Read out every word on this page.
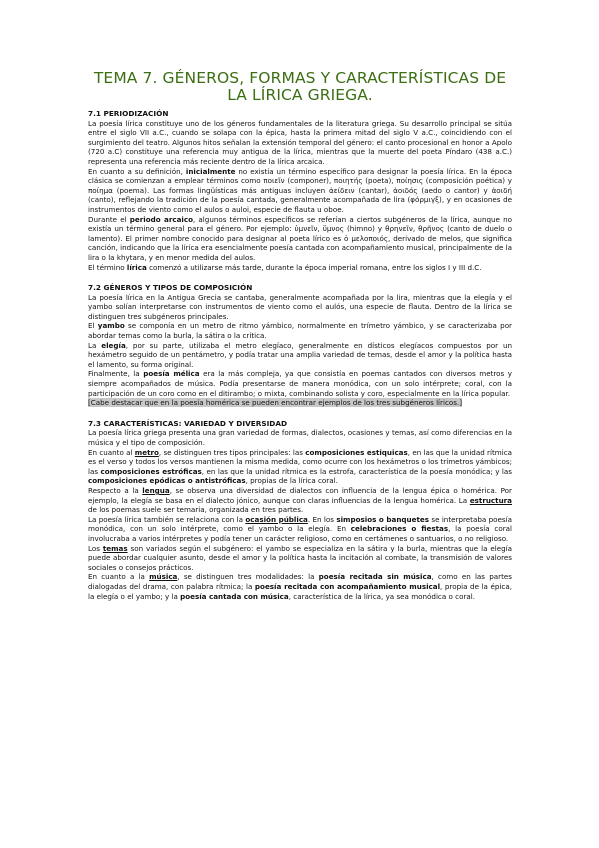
TEMA 7. GÉNEROS, FORMAS Y CARACTERÍSTICAS DE LA LÍRICA GRIEGA.
7.1 PERIODIZACIÓN

La poesía lírica constituye uno de los géneros fundamentales de la literatura griega. Su desarrollo principal se sitúa entre el siglo VII a.C., cuando se solapa con la épica, hasta la primera mitad del siglo V a.C., coincidiendo con el surgimiento del teatro. Algunos hitos señalan la extensión temporal del género: el canto procesional en honor a Apolo (720 a.C) constituye una referencia muy antigua de la lírica, mientras que la muerte del poeta Píndaro (438 a.C.) representa una referencia más reciente dentro de la lírica arcaica.

En cuanto a su definición, inicialmente no existía un término específico para designar la poesía lírica. En la época clásica se comienzan a emplear términos como ποιεῖν (componer), ποιητής (poeta), ποίησις (composición poética) y ποίημα (poema). Las formas lingüísticas más antiguas incluyen ἀείδειν (cantar), ἀοιδός (aedo o cantor) y ἀοιδή (canto), reflejando la tradición de la poesía cantada, generalmente acompañada de lira (φόρμιγξ), y en ocasiones de instrumentos de viento como el aulos o auloi, especie de flauta u oboe.

Durante el periodo arcaico, algunos términos específicos se referían a ciertos subgéneros de la lírica, aunque no existía un término general para el género. Por ejemplo: ὑμνεῖν, ὕμνος (himno) y θρηνεῖν, θρῆνος (canto de duelo o lamento). El primer nombre conocido para designar al poeta lírico es ὁ μελοποιός, derivado de melos, que significa canción, indicando que la lírica era esencialmente poesía cantada con acompañamiento musical, principalmente de la lira o la khytara, y en menor medida del aulos.

El término lírica comenzó a utilizarse más tarde, durante la época imperial romana, entre los siglos I y III d.C.

7.2 GÉNEROS Y TIPOS DE COMPOSICIÓN

La poesía lírica en la Antigua Grecia se cantaba, generalmente acompañada por la lira, mientras que la elegía y el yambo solían interpretarse con instrumentos de viento como el aulós, una especie de flauta. Dentro de la lírica se distinguen tres subgéneros principales.

El yambo se componía en un metro de ritmo yámbico, normalmente en trímetro yámbico, y se caracterizaba por abordar temas como la burla, la sátira o la crítica.

La elegía, por su parte, utilizaba el metro elegíaco, generalmente en dísticos elegíacos compuestos por un hexámetro seguido de un pentámetro, y podía tratar una amplia variedad de temas, desde el amor y la política hasta el lamento, su forma original.

Finalmente, la poesía mélica era la más compleja, ya que consistía en poemas cantados con diversos metros y siempre acompañados de música. Podía presentarse de manera monódica, con un solo intérprete; coral, con la participación de un coro como en el ditirambo; o mixta, combinando solista y coro, especialmente en la lírica popular.

[Cabe destacar que en la poesía homérica se pueden encontrar ejemplos de los tres subgéneros líricos.]

7.3 CARACTERÍSTICAS: VARIEDAD Y DIVERSIDAD

La poesía lírica griega presenta una gran variedad de formas, dialectos, ocasiones y temas, así como diferencias en la música y el tipo de composición.

En cuanto al metro, se distinguen tres tipos principales: las composiciones estiquicas, en las que la unidad rítmica es el verso y todos los versos mantienen la misma medida, como ocurre con los hexámetros o los trímetros yámbicos; las composiciones estróficas, en las que la unidad rítmica es la estrofa, característica de la poesía monódica; y las composiciones epódicas o antistróficas, propias de la lírica coral.

Respecto a la lengua, se observa una diversidad de dialectos con influencia de la lengua épica o homérica. Por ejemplo, la elegía se basa en el dialecto jónico, aunque con claras influencias de la lengua homérica. La estructura de los poemas suele ser temaria, organizada en tres partes.

La poesía lírica también se relaciona con la ocasión pública. En los simposios o banquetes se interpretaba poesía monódica, con un solo intérprete, como el yambo o la elegía. En celebraciones o fiestas, la poesía coral involucraba a varios intérpretes y podía tener un carácter religioso, como en certámenes o santuarios, o no religioso.

Los temas son variados según el subgénero: el yambo se especializa en la sátira y la burla, mientras que la elegía puede abordar cualquier asunto, desde el amor y la política hasta la incitación al combate, la transmisión de valores sociales o consejos prácticos.

En cuanto a la música, se distinguen tres modalidades: la poesía recitada sin música, como en las partes dialogadas del drama, con palabra rítmica; la poesía recitada con acompañamiento musical, propia de la épica, la elegía o el yambo; y la poesía cantada con música, característica de la lírica, ya sea monódica o coral.
